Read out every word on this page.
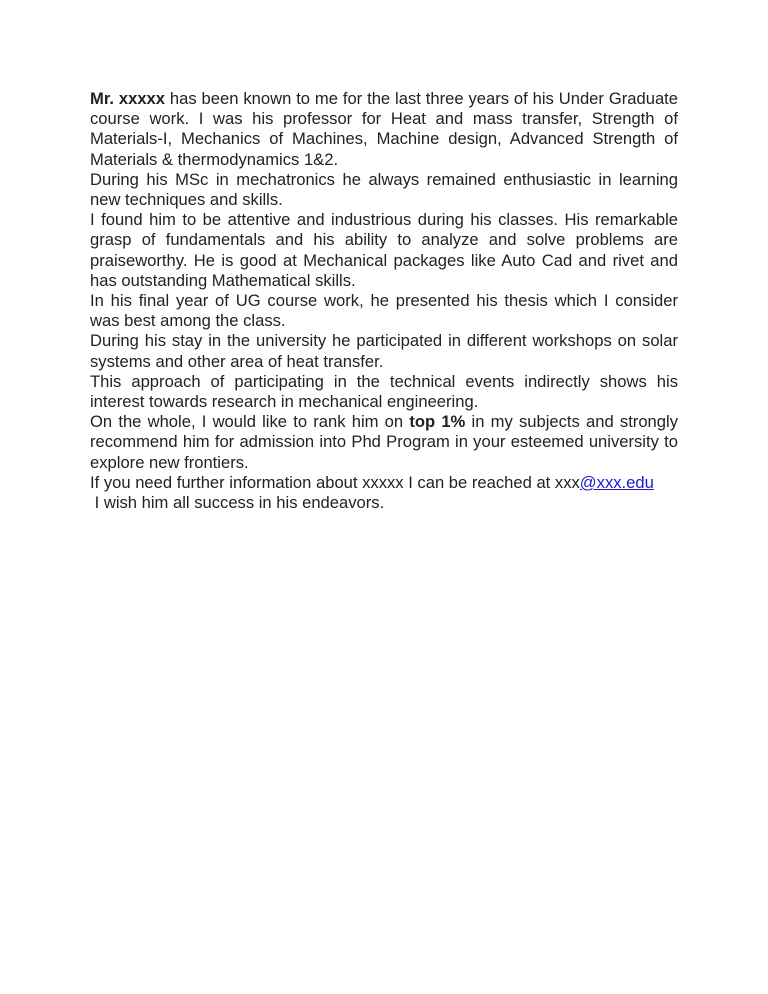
Mr. xxxxx has been known to me for the last three years of his Under Graduate course work. I was his professor for Heat and mass transfer, Strength of Materials-I, Mechanics of Machines, Machine design, Advanced Strength of Materials & thermodynamics 1&2.

During his MSc in mechatronics he always remained enthusiastic in learning new techniques and skills.

I found him to be attentive and industrious during his classes. His remarkable grasp of fundamentals and his ability to analyze and solve problems are praiseworthy. He is good at Mechanical packages like Auto Cad and rivet and has outstanding Mathematical skills.

In his final year of UG course work, he presented his thesis which I consider was best among the class.

During his stay in the university he participated in different workshops on solar systems and other area of heat transfer.

This approach of participating in the technical events indirectly shows his interest towards research in mechanical engineering.

On the whole, I would like to rank him on top 1% in my subjects and strongly recommend him for admission into Phd Program in your esteemed university to explore new frontiers.

If you need further information about xxxxx I can be reached at xxx@xxx.edu

I wish him all success in his endeavors.
